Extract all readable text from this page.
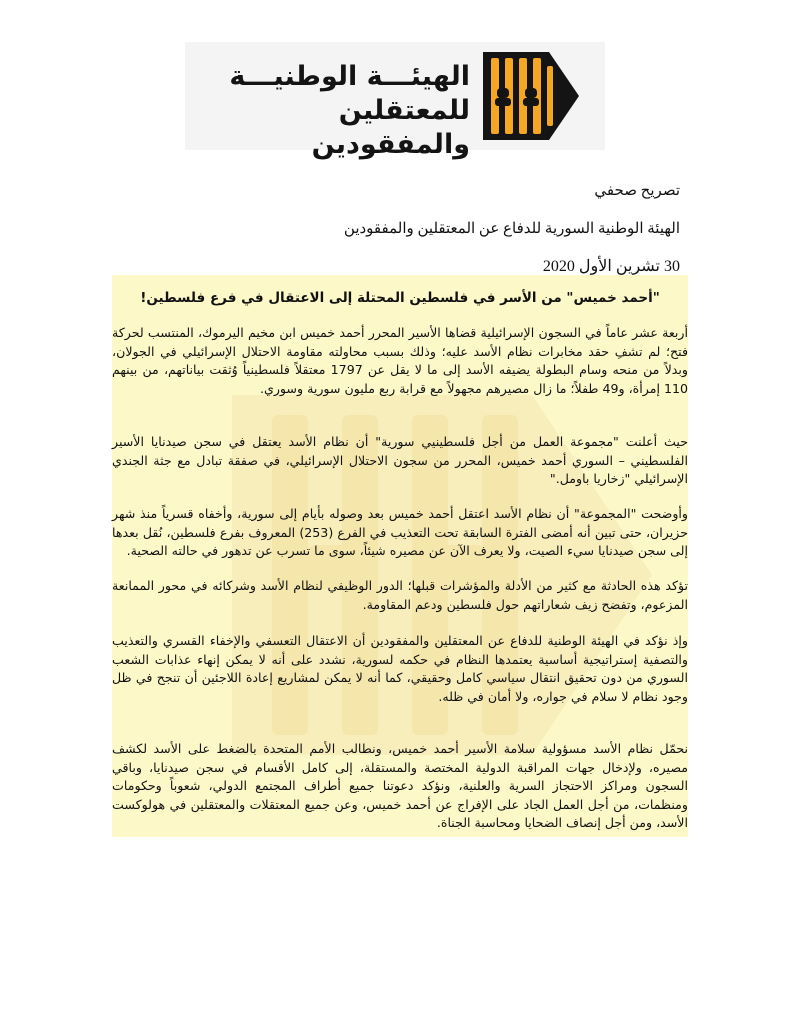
الهيئـــة الوطنيـــة
للمعتقلين والمفقودين
تصريح صحفي
الهيئة الوطنية السورية للدفاع عن المعتقلين والمفقودين
30 تشرين الأول 2020
"أحمد خميس" من الأسر في فلسطين المحتلة إلى الاعتقال في فرع فلسطين!

أربعة عشر عاماً في السجون الإسرائيلية قضاها الأسير المحرر أحمد خميس ابن مخيم اليرموك، المنتسب لحركة فتح؛ لم تشفِ حقد مخابرات نظام الأسد عليه؛ وذلك بسبب محاولته مقاومة الاحتلال الإسرائيلي في الجولان، وبدلاً من منحه وسام البطولة يضيفه الأسد إلى ما لا يقل عن 1797 معتقلاً فلسطينياً وُثقت بياناتهم، من بينهم 110 إمرأة، و49 طفلاً؛ ما زال مصيرهم مجهولاً مع قرابة ربع مليون سورية وسوري.

حيث أعلنت "مجموعة العمل من أجل فلسطينيي سورية" أن نظام الأسد يعتقل في سجن صيدنايا الأسير الفلسطيني – السوري أحمد خميس، المحرر من سجون الاحتلال الإسرائيلي، في صفقة تبادل مع جثة الجندي الإسرائيلي "زخاريا باومل."

وأوضحت "المجموعة" أن نظام الأسد اعتقل أحمد خميس بعد وصوله بأيام إلى سورية، وأخفاه قسرياً منذ شهر حزيران، حتى تبين أنه أمضى الفترة السابقة تحت التعذيب في الفرع (253) المعروف بفرع فلسطين، نُقل بعدها إلى سجن صيدنايا سيء الصيت، ولا يعرف الآن عن مصيره شيئاً، سوى ما تسرب عن تدهور في حالته الصحية.

تؤكد هذه الحادثة مع كثير من الأدلة والمؤشرات قبلها؛ الدور الوظيفي لنظام الأسد وشركائه في محور الممانعة المزعوم، وتفضح زيف شعاراتهم حول فلسطين ودعم المقاومة.

وإذ نؤكد في الهيئة الوطنية للدفاع عن المعتقلين والمفقودين أن الاعتقال التعسفي والإخفاء القسري والتعذيب والتصفية إستراتيجية أساسية يعتمدها النظام في حكمه لسورية، نشدد على أنه لا يمكن إنهاء عذابات الشعب السوري من دون تحقيق انتقال سياسي كامل وحقيقي، كما أنه لا يمكن لمشاريع إعادة اللاجئين أن تنجح في ظل وجود نظام لا سلام في جواره، ولا أمان في ظله.

نحمّل نظام الأسد مسؤولية سلامة الأسير أحمد خميس، ونطالب الأمم المتحدة بالضغط على الأسد لكشف مصيره، ولإدخال جهات المراقبة الدولية المختصة والمستقلة، إلى كامل الأقسام في سجن صيدنايا، وباقي السجون ومراكز الاحتجاز السرية والعلنية، ونؤكد دعوتنا جميع أطراف المجتمع الدولي، شعوباً وحكومات ومنظمات، من أجل العمل الجاد على الإفراج عن أحمد خميس، وعن جميع المعتقلات والمعتقلين في هولوكست الأسد، ومن أجل إنصاف الضحايا ومحاسبة الجناة.
